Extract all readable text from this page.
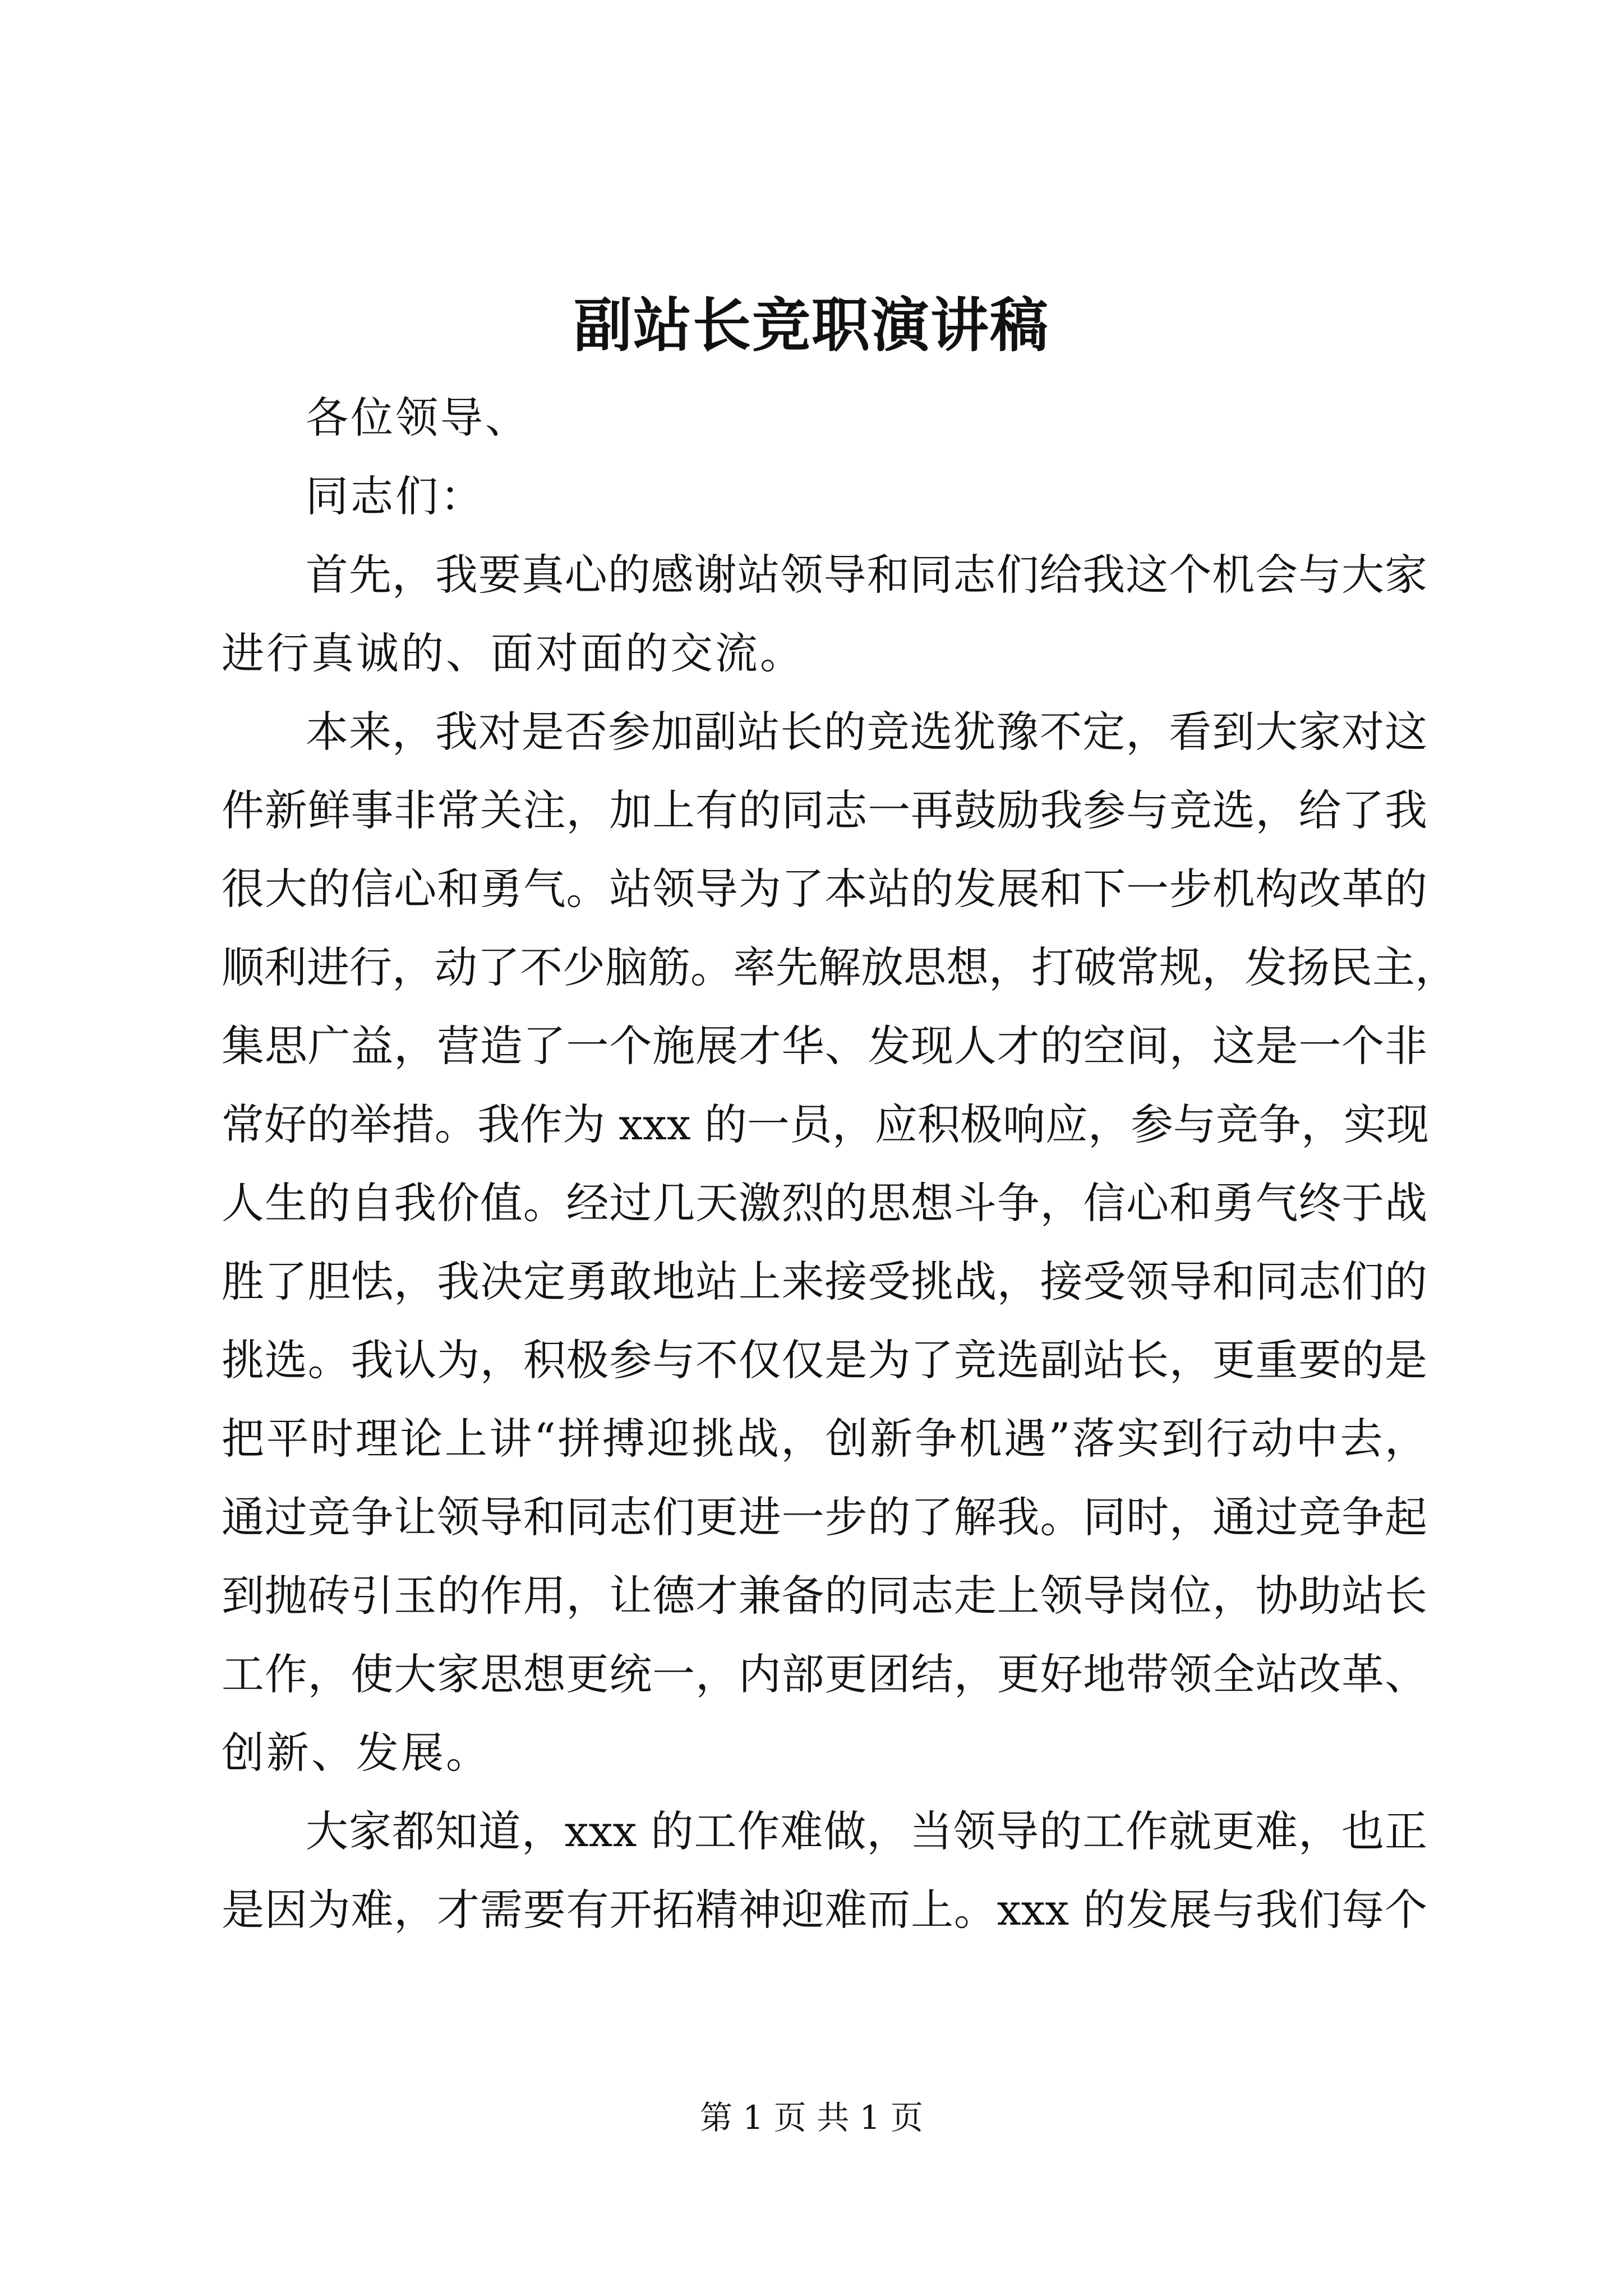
副站长竞职演讲稿
各位领导、
同志们：
首先，我要真心的感谢站领导和同志们给我这个机会与大家
进行真诚的、面对面的交流。
本来，我对是否参加副站长的竞选犹豫不定，看到大家对这
件新鲜事非常关注，加上有的同志一再鼓励我参与竞选，给了我
很大的信心和勇气。站领导为了本站的发展和下一步机构改革的
顺利进行，动了不少脑筋。率先解放思想，打破常规，发扬民主，
集思广益，营造了一个施展才华、发现人才的空间，这是一个非
常好的举措。我作为 xxx 的一员，应积极响应，参与竞争，实现
人生的自我价值。经过几天激烈的思想斗争，信心和勇气终于战
胜了胆怯，我决定勇敢地站上来接受挑战，接受领导和同志们的
挑选。我认为，积极参与不仅仅是为了竞选副站长，更重要的是
把平时理论上讲“拼搏迎挑战，创新争机遇”落实到行动中去，
通过竞争让领导和同志们更进一步的了解我。同时，通过竞争起
到抛砖引玉的作用，让德才兼备的同志走上领导岗位，协助站长
工作，使大家思想更统一，内部更团结，更好地带领全站改革、
创新、发展。
大家都知道，xxx 的工作难做，当领导的工作就更难，也正
是因为难，才需要有开拓精神迎难而上。xxx 的发展与我们每个
第 1 页 共 1 页
